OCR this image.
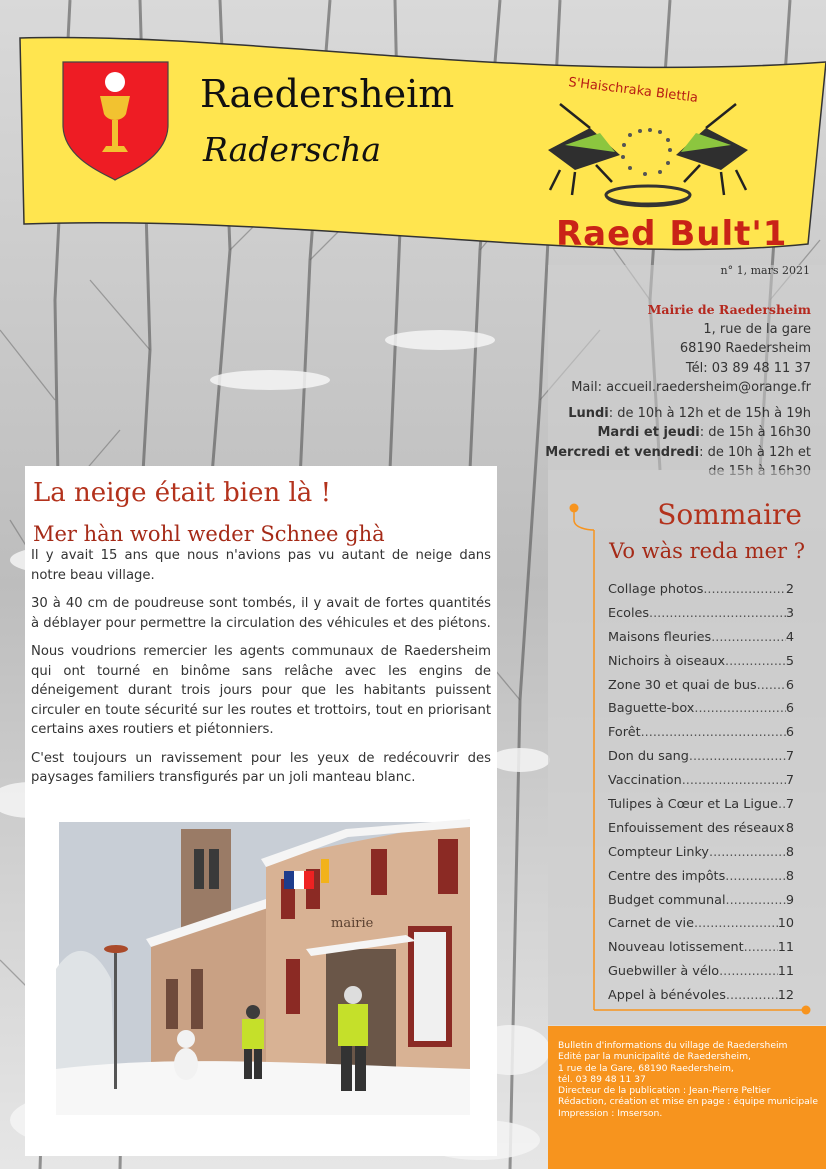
Raedersheim
Radersch​a
S'Haischraka Blettla
Raed Bult'1
n° 1, mars 2021
Mairie de Raedersheim
1, rue de la gare
68190 Raedersheim
Tél: 03 89 48 11 37
Mail: accueil.raedersheim@orange.fr
Lundi: de 10h à 12h et de 15h à 19h
Mardi et jeudi: de 15h à 16h30
Mercredi et vendredi: de 10h à 12h et
La neige était bien là !
Mer hàn wohl weder Schnee ghà

Il y avait 15 ans que nous n'avions pas vu autant de neige dans notre beau village.

30 à 40 cm de poudreuse sont tombés, il y avait de fortes quantités à déblayer pour permettre la circulation des véhicules et des piétons.

Nous voudrions remercier les agents communaux de Raedersheim qui ont tourné en binôme sans relâche avec les engins de déneigement durant trois jours pour que les habitants puissent circuler en toute sécurité sur les routes et trottoirs, tout en priorisant certains axes routiers et piétonniers.

C'est toujours un ravissement pour les yeux de redécouvrir des paysages familiers transfigurés par un joli manteau blanc.

mairie
Sommaire
Vo wàs reda mer ?
Collage photos .....	2
Ecoles .....	3
Maisons fleuries .....	4
Nichoirs à oiseaux .....	5
Zone 30 et quai de bus ..... 6
Baguette-box .....	6
Forêt .....	6
Don du sang .....	7
Vaccination .....	7
Tulipes à Cœur et La Ligue ..... 7
Enfouissement des réseaux ..... 8
Compteur Linky .....	8
Centre des impôts .....	8
Budget communal .....	9
Carnet de vie .....	10
Nouveau lotissement .....	11
Guebwiller à vélo .....	11
Appel à bénévoles .....	12
Bulletin d'informations du village de Raedersheim
Edité par la municipalité de Raedersheim,
1 rue de la Gare, 68190 Raedersheim,
tél. 03 89 48 11 37
Directeur de la publication : Jean-Pierre Peltier
Rédaction, création et mise en page : équipe municipale
Impression : Imserson.
